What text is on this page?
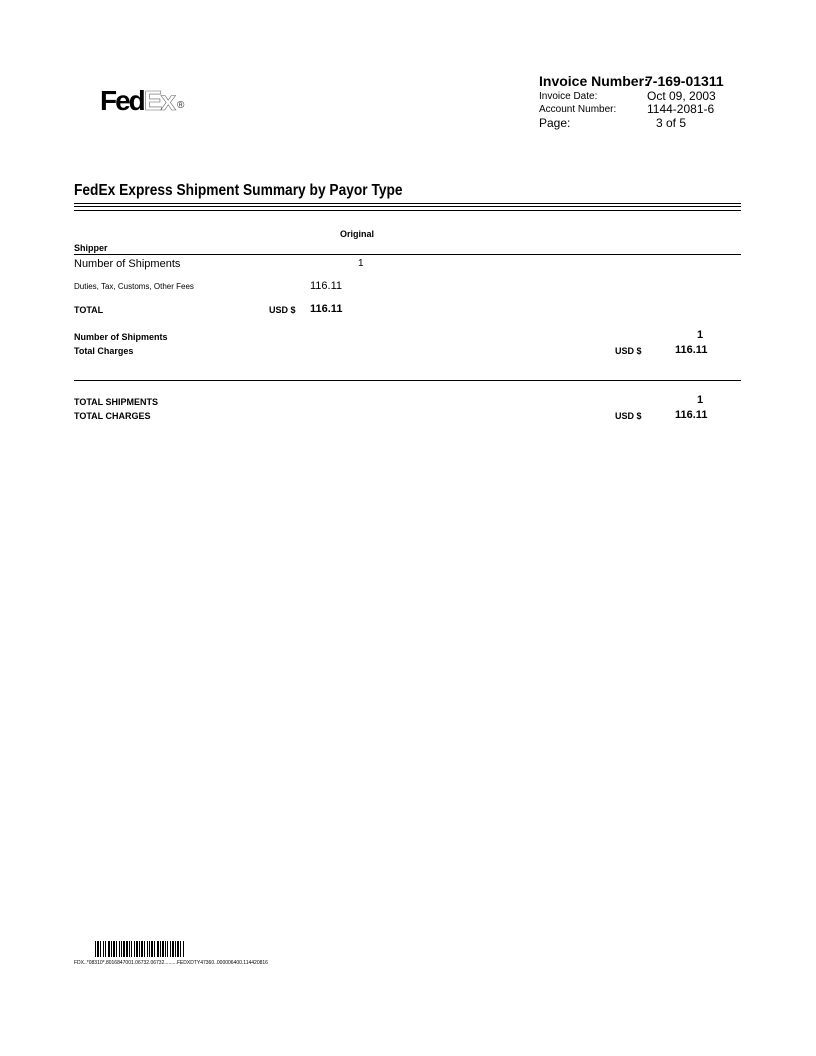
FedEx ®
Invoice Number:
7-169-01311
Invoice Date:	Oct 09, 2003
Account Number:	1144-2081-6
Page:	3 of 5
FedEx Express Shipment Summary by Payor Type
Original
Shipper
Number of Shipments	1
Duties, Tax, Customs, Other Fees	116.11
TOTAL	USD $ 116.11
Number of Shipments	1
Total Charges	USD $	116.11
TOTAL SHIPMENTS	1
TOTAL CHARGES	USD $	116.11
FDX..*08310*.8016847001.06732.06732.........FEDXDTY47360..000006400.114420816
